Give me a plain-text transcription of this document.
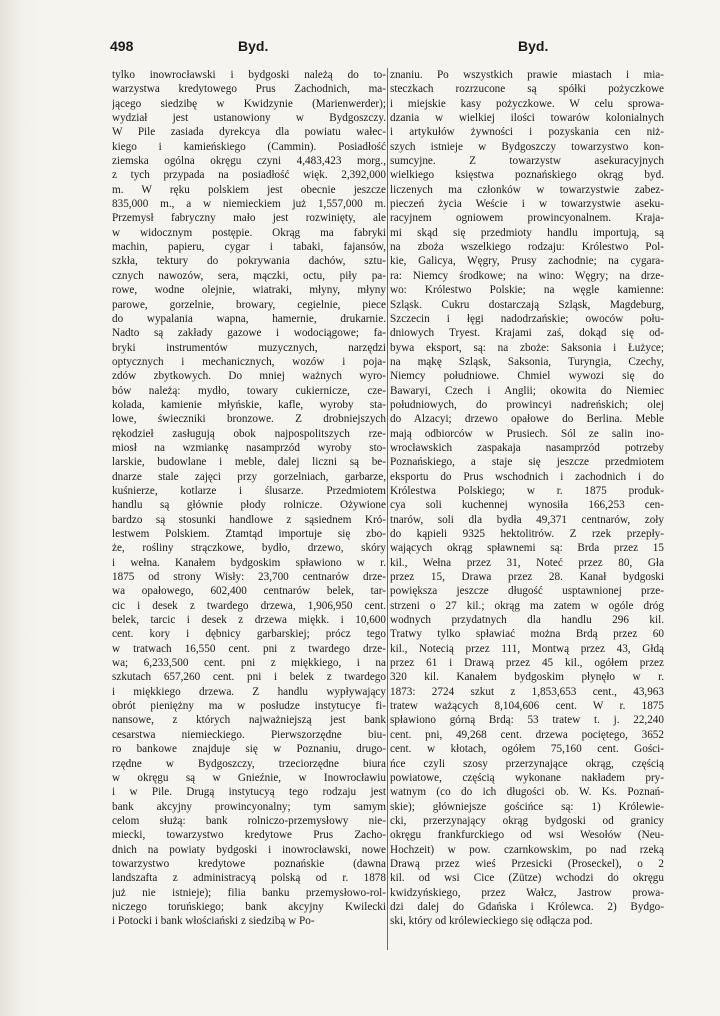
498	Byd.	Byd.
tylko inowrocławski i bydgoski należą do to-
warzystwa kredytowego Prus Zachodnich, ma-
jącego siedzibę w Kwidzynie (Marienwerder);
wydział jest ustanowiony w Bydgoszczy.
W Pile zasiada dyrekcya dla powiatu wałec-
kiego i kamieńskiego (Cammin). Posiadłość
ziemska ogólna okręgu czyni 4,483,423 morg.,
z tych przypada na posiadłość więk. 2,392,000
m. W ręku polskiem jest obecnie jeszcze
835,000 m., a w niemieckiem już 1,557,000 m.
Przemysł fabryczny mało jest rozwinięty, ale
w widocznym postępie. Okrąg ma fabryki
machin, papieru, cygar i tabaki, fajansów,
szkła, tektury do pokrywania dachów, sztu-
cznych nawozów, sera, mączki, octu, piły pa-
rowe, wodne olejnie, wiatraki, młyny, młyny
parowe, gorzelnie, browary, cegielnie, piece
do wypalania wapna, hamernie, drukarnie.
Nadto są zakłady gazowe i wodociągowe; fa-
bryki instrumentów muzycznych, narzędzi
optycznych i mechanicznych, wozów i poja-
zdów zbytkowych. Do mniej ważnych wyro-
bów należą: mydło, towary cukiernicze, cze-
kolada, kamienie młyńskie, kafle, wyroby sta-
lowe, świeczniki bronzowe. Z drobniejszych
rękodzieł zasługują obok najpospolitszych rze-
miosł na wzmiankę nasamprzód wyroby sto-
larskie, budowlane i meble, dalej liczni są be-
dnarze stale zajęci przy gorzelniach, garbarze,
kuśnierze, kotlarze i ślusarze. Przedmiotem
handlu są głównie płody rolnicze. Ożywione
bardzo są stosunki handlowe z sąsiednem Kró-
lestwem Polskiem. Ztamtąd importuje się zbo-
że, rośliny strączkowe, bydło, drzewo, skóry
i wełna. Kanałem bydgoskim spławiono w r.
1875 od strony Wisły: 23,700 centnarów drze-
wa opałowego, 602,400 centnarów belek, tar-
cic i desek z twardego drzewa, 1,906,950 cent.
belek, tarcic i desek z drzewa miękk. i 10,600
cent. kory i dębnicy garbarskiej; prócz tego
w tratwach 16,550 cent. pni z twardego drze-
wa; 6,233,500 cent. pni z miękkiego, i na
szkutach 657,260 cent. pni i belek z twardego
i miękkiego drzewa. Z handlu wypływający
obrót pieniężny ma w posłudze instytucye fi-
nansowe, z których najważniejszą jest bank
cesarstwa niemieckiego. Pierwszorzędne biu-
ro bankowe znajduje się w Poznaniu, drugo-
rzędne w Bydgoszczy, trzeciorzędne biura
w okręgu są w Gnieźnie, w Inowrocławiu
i w Pile. Drugą instytucyą tego rodzaju jest
bank akcyjny prowincyonalny; tym samym
celom służą: bank rolniczo-przemysłowy nie-
miecki, towarzystwo kredytowe Prus Zacho-
dnich na powiaty bydgoski i inowrocławski, nowe
towarzystwo kredytowe poznańskie (dawna
landszafta z administracyą polską od r. 1878
już nie istnieje); filia banku przemysłowo-rol-
niczego toruńskiego; bank akcyjny Kwilecki
i Potocki i bank włościański z siedzibą w Po-
znaniu. Po wszystkich prawie miastach i mia-
steczkach rozrzucone są spółki pożyczkowe
i miejskie kasy pożyczkowe. W celu sprowa-
dzania w wielkiej ilości towarów kolonialnych
i artykułów żywności i pozyskania cen niż-
szych istnieje w Bydgoszczy towarzystwo kon-
sumcyjne. Z towarzystw asekuracyjnych
wielkiego księstwa poznańskiego okrąg byd.
liczenych ma członków w towarzystwie zabez-
pieczeń życia Weście i w towarzystwie aseku-
racyjnem ogniowem prowincyonalnem. Kraja-
mi skąd się przedmioty handlu importują, są
na zboża wszelkiego rodzaju: Królestwo Pol-
kie, Galicya, Węgry, Prusy zachodnie; na cygara-
ra: Niemcy środkowe; na wino: Węgry; na drze-
wo: Królestwo Polskie; na węgle kamienne:
Szląsk. Cukru dostarczają Szląsk, Magdeburg,
Szczecin i łęgi nadodrzańskie; owoców połu-
dniowych Tryest. Krajami zaś, dokąd się od-
bywa eksport, są: na zboże: Saksonia i Łużyce;
na mąkę Szląsk, Saksonia, Turyngia, Czechy,
Niemcy południowe. Chmiel wywozi się do
Bawaryi, Czech i Anglii; okowita do Niemiec
południowych, do prowincyi nadreńskich; olej
do Alzacyi; drzewo opałowe do Berlina. Meble
mają odbiorców w Prusiech. Sól ze salin ino-
wrocławskich zaspakaja nasamprzód potrzeby
Poznańskiego, a staje się jeszcze przedmiotem
eksportu do Prus wschodnich i zachodnich i do
Królestwa Polskiego; w r. 1875 produk-
cya soli kuchennej wynosiła 166,253 cen-
tnarów, soli dla bydła 49,371 centnarów, zoły
do kąpieli 9325 hektolitrów. Z rzek przepły-
wających okrąg spławnemi są: Brda przez 15
kil., Wełna przez 31, Noteć przez 80, Gła
przez 15, Drawa przez 28. Kanał bydgoski
powiększa jeszcze długość usptawnionej prze-
strzeni o 27 kil.; okrąg ma zatem w ogóle dróg
wodnych przydatnych dla handlu 296 kil.
Tratwy tylko spławiać można Brdą przez 60
kil., Notecią przez 111, Montwą przez 43, Głdą
przez 61 i Drawą przez 45 kil., ogółem przez
320 kil. Kanałem bydgoskim płynęło w r.
1873: 2724 szkut z 1,853,653 cent., 43,963
tratew ważących 8,104,606 cent. W r. 1875
spławiono górną Brdą: 53 tratew t. j. 22,240
cent. pni, 49,268 cent. drzewa pociętego, 3652
cent. w kłotach, ogółem 75,160 cent. Gości-
ńce czyli szosy przerzynające okrąg, częścią
powiatowe, częścią wykonane nakładem pry-
watnym (co do ich długości ob. W. Ks. Poznań-
skie); główniejsze gościńce są: 1) Królewie-
cki, przerzynający okrąg bydgoski od granicy
okręgu frankfurckiego od wsi Wesołów (Neu-
Hochzeit) w pow. czarnkowskim, po nad rzeką
Drawą przez wieś Przesicki (Proseckel), o 2
kil. od wsi Cice (Zütze) wchodzi do okręgu
kwidzyńskiego, przez Wałcz, Jastrow prowa-
dzi dalej do Gdańska i Królewca. 2) Bydgo-
ski, który od królewieckiego się odłącza pod.
